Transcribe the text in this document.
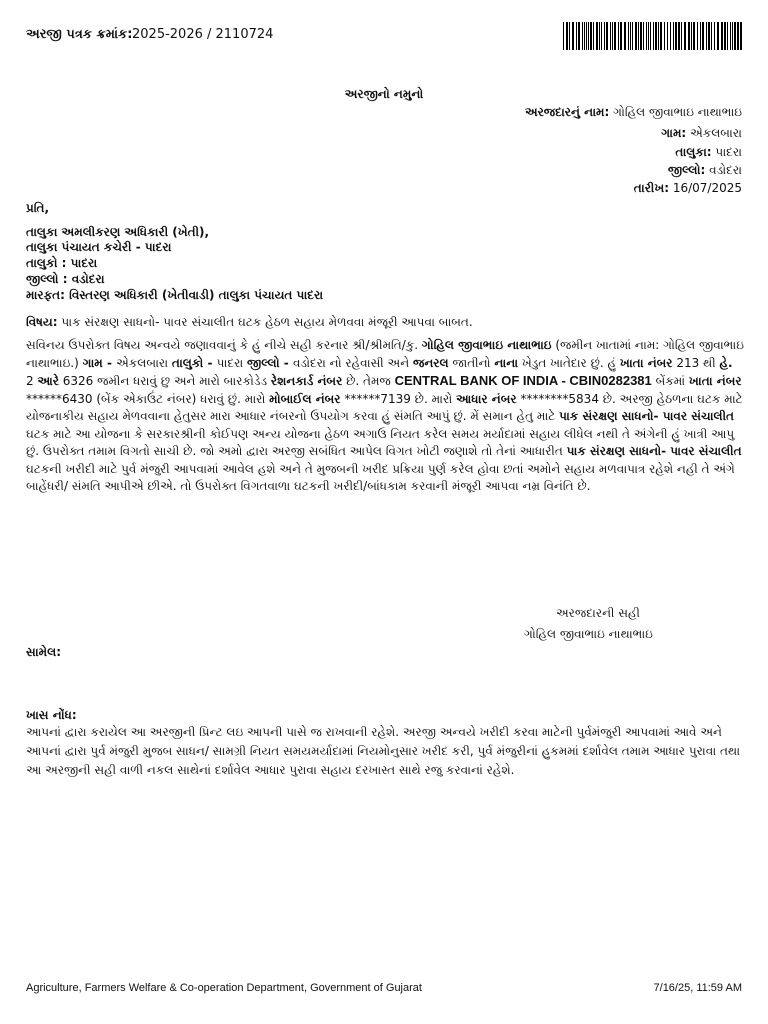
અરજી પત્રક ક્રમાંક: 2025-2026 / 2110724
અરજીનો નમુનો
અરજદારનું નામ: ગોહિલ જીવાભાઇ નાથાભાઇ
ગામ: એકલબારા
તાલુકા: પાદરા
જીલ્લો: વડોદરા
તારીખ: 16/07/2025
પ્રતિ,
તાલુકા અમલીકરણ અધિકારી (ખેતી),
તાલુકા પંચાયત કચેરી - પાદરા
તાલુકો : પાદરા
જીલ્લો : વડોદરા
મારફત: વિસ્તરણ અધિકારી (ખેતીવાડી) તાલુકા પંચાયત પાદરા
વિષય: પાક સંરક્ષણ સાધનો- પાવર સંચાલીત ઘટક હેઠળ સહાય મેળવવા મંજૂરી આપવા બાબત.
સવિનય ઉપરોક્ત વિષય અન્વયે જણાવવાનું કે હું નીચે સહી કરનાર શ્રી/શ્રીમતિ/કુ. ગોહિલ જીવાભાઇ નાથાભાઇ (જમીન ખાતામાં નામ: ગોહિલ જીવાભાઇ નાથાભાઇ.) ગામ - એકલબારા તાલુકો - પાદરા જીલ્લો - વડોદરા નો રહેવાસી અને જનરલ જાતીનો નાના ખેડુત ખાતેદાર છું. હું ખાતા નંબર 213 થી હે. 2 આરે 6326 જમીન ધરાવું છુ અને મારો બારકોડેડ રેશનકાર્ડ નંબર છે. તેમજ CENTRAL BANK OF INDIA - CBIN0282381 બેંકમાં ખાતા નંબર ******6430 (બેંક એકાઉંટ નંબર) ધરાવું છું. મારો મોબાઈલ નંબર ******7139 છે. મારો આધાર નંબર ********5834 છે. અરજી હેઠળના ઘટક માટે યોજનાકીય સહાય મેળવવાના હેતુસર મારા આધાર નંબરનો ઉપયોગ કરવા હું સંમતિ આપું છું. મેં સમાન હેતુ માટે પાક સંરક્ષણ સાધનો- પાવર સંચાલીત ઘટક માટે આ યોજના કે સરકારશ્રીની કોઈપણ અન્ય યોજના હેઠળ અગાઉ નિયત કરેલ સમય મર્યાદામાં સહાય લીધેલ નથી તે અંગેની હું ખાત્રી આપુ છું. ઉપરોક્ત તમામ વિગતો સાચી છે. જો અમો દ્વારા અરજી સબંધિત આપેલ વિગત ખોટી જણાશે તો તેનાં આધારીત પાક સંરક્ષણ સાધનો- પાવર સંચાલીત ઘટકની ખરીદી માટે પુર્વ મંજુરી આપવામાં આવેલ હશે અને તે મુજબની ખરીદ પ્રક્રિયા પુર્ણ કરેલ હોવા છતાં અમોને સહાય મળવાપાત્ર રહેશે નહી તે અંગે બાહેંધરી/ સંમતિ આપીએ છીએ. તો ઉપરોક્ત વિગતવાળા ઘટકની ખરીદી/બાંધકામ કરવાની મંજૂરી આપવા નમ્ર વિનંતિ છે.
અરજદારની સહી
ગોહિલ જીવાભાઇ નાથાભાઇ
સામેલ:
ખાસ નોંધ:
આપનાં દ્વારા કરાયેલ આ અરજીની પ્રિન્ટ લઇ આપની પાસે જ રાખવાની રહેશે. અરજી અન્વયે ખરીદી કરવા માટેની પુર્વમંજુરી આપવામાં આવે અને આપનાં દ્વારા પુર્વ મંજુરી મુજબ સાધન/ સામગ્રી નિયત સમયમર્યાદામાં નિયમોનુસાર ખરીદ કરી, પુર્વ મંજુરીનાં હુકમમાં દર્શાવેલ તમામ આધાર પુરાવા તથા આ અરજીની સહી વાળી નકલ સાથેનાં દર્શાવેલ આધાર પુરાવા સહાય દરખાસ્ત સાથે રજુ કરવાનાં રહેશે.
Agriculture, Farmers Welfare & Co-operation Department, Government of Gujarat	7/16/25, 11:59 AM
